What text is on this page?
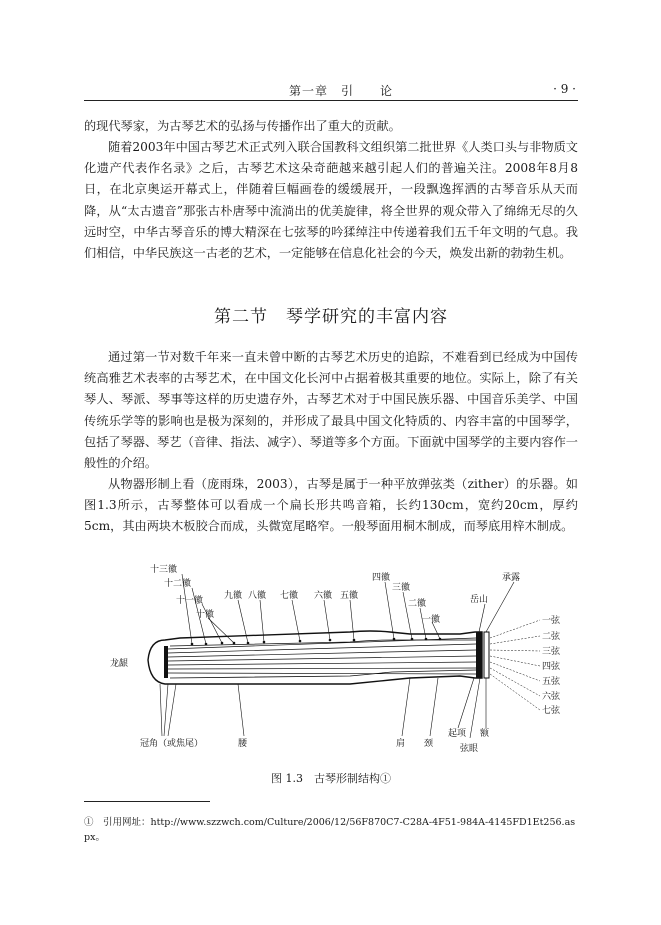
第一章　引　　论	· 9 ·

的现代琴家，为古琴艺术的弘扬与传播作出了重大的贡献。

随着2003年中国古琴艺术正式列入联合国教科文组织第二批世界《人类口头与非物质文化遗产代表作名录》之后，古琴艺术这朵奇葩越来越引起人们的普遍关注。2008年8月8日，在北京奥运开幕式上，伴随着巨幅画卷的缓缓展开，一段飘逸挥洒的古琴音乐从天而降，从“太古遗音”那张古朴唐琴中流淌出的优美旋律，将全世界的观众带入了绵绵无尽的久远时空，中华古琴音乐的博大精深在七弦琴的吟猱绰注中传递着我们五千年文明的气息。我们相信，中华民族这一古老的艺术，一定能够在信息化社会的今天，焕发出新的勃勃生机。

第二节　琴学研究的丰富内容

通过第一节对数千年来一直未曾中断的古琴艺术历史的追踪，不难看到已经成为中国传统高雅艺术表率的古琴艺术，在中国文化长河中占据着极其重要的地位。实际上，除了有关琴人、琴派、琴事等这样的历史遗存外，古琴艺术对于中国民族乐器、中国音乐美学、中国传统乐学等的影响也是极为深刻的，并形成了最具中国文化特质的、内容丰富的中国琴学，包括了琴器、琴艺（音律、指法、减字）、琴道等多个方面。下面就中国琴学的主要内容作一般性的介绍。

从物器形制上看（庞雨珠，2003），古琴是属于一种平放弹弦类（zither）的乐器。如图1.3所示，古琴整体可以看成一个扁长形共鸣音箱，长约130cm，宽约20cm，厚约5cm，其由两块木板胶合而成，头微宽尾略窄。一般琴面用桐木制成，而琴底用梓木制成。

十三徽
十二徽
十一徽
十徽
九徽 八徽 七徽 六徽 五徽
四徽
三徽
二徽
一徽
岳山
承露
一弦
二弦
三弦
四弦
五弦
六弦
七弦
龙龈
冠角（或焦尾）	腰	肩 颈
起项
弦眼
额
图 1.3　古琴形制结构①
①　引用网址：http://www.szzwch.com/Culture/2006/12/56F870C7-C28A-4F51-984A-4145FD1Et256.aspx。
